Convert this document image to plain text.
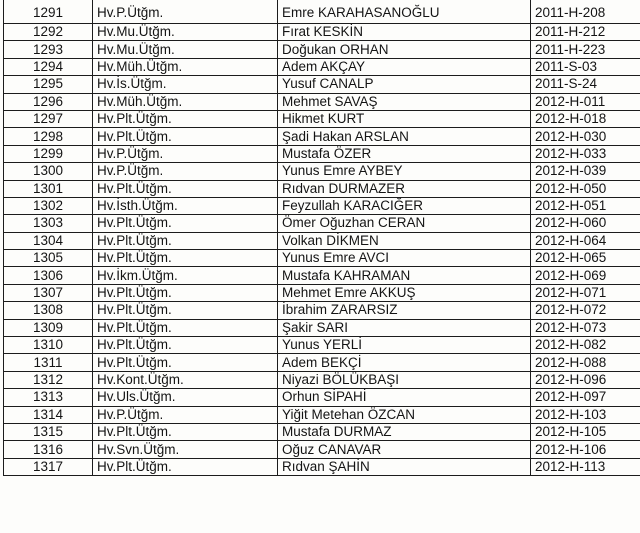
1291	Hv.P.Ütğm.	Emre KARAHASANOĞLU	2011-H-208
1292	Hv.Mu.Ütğm.	Fırat KESKİN	2011-H-212
1293	Hv.Mu.Ütğm.	Doğukan ORHAN	2011-H-223
1294	Hv.Müh.Ütğm.	Adem AKÇAY	2011-S-03
1295	Hv.İs.Ütğm.	Yusuf CANALP	2011-S-24
1296	Hv.Müh.Ütğm.	Mehmet SAVAŞ	2012-H-011
1297	Hv.Plt.Ütğm.	Hikmet KURT	2012-H-018
1298	Hv.Plt.Ütğm.	Şadi Hakan ARSLAN	2012-H-030
1299	Hv.P.Ütğm.	Mustafa ÖZER	2012-H-033
1300	Hv.P.Ütğm.	Yunus Emre AYBEY	2012-H-039
1301	Hv.Plt.Ütğm.	Rıdvan DURMAZER	2012-H-050
1302	Hv.İsth.Ütğm.	Feyzullah KARACIĞER	2012-H-051
1303	Hv.Plt.Ütğm.	Ömer Oğuzhan CERAN	2012-H-060
1304	Hv.Plt.Ütğm.	Volkan DİKMEN	2012-H-064
1305	Hv.Plt.Ütğm.	Yunus Emre AVCI	2012-H-065
1306	Hv.İkm.Ütğm.	Mustafa KAHRAMAN	2012-H-069
1307	Hv.Plt.Ütğm.	Mehmet Emre AKKUŞ	2012-H-071
1308	Hv.Plt.Ütğm.	İbrahim ZARARSIZ	2012-H-072
1309	Hv.Plt.Ütğm.	Şakir SARI	2012-H-073
1310	Hv.Plt.Ütğm.	Yunus YERLİ	2012-H-082
1311	Hv.Plt.Ütğm.	Adem BEKÇİ	2012-H-088
1312	Hv.Kont.Ütğm.	Niyazi BÖLÜKBAŞI	2012-H-096
1313	Hv.Uls.Ütğm.	Orhun SİPAHİ	2012-H-097
1314	Hv.P.Ütğm.	Yiğit Metehan ÖZCAN	2012-H-103
1315	Hv.Plt.Ütğm.	Mustafa DURMAZ	2012-H-105
1316	Hv.Svn.Ütğm.	Oğuz CANAVAR	2012-H-106
1317	Hv.Plt.Ütğm.	Rıdvan ŞAHİN	2012-H-113
